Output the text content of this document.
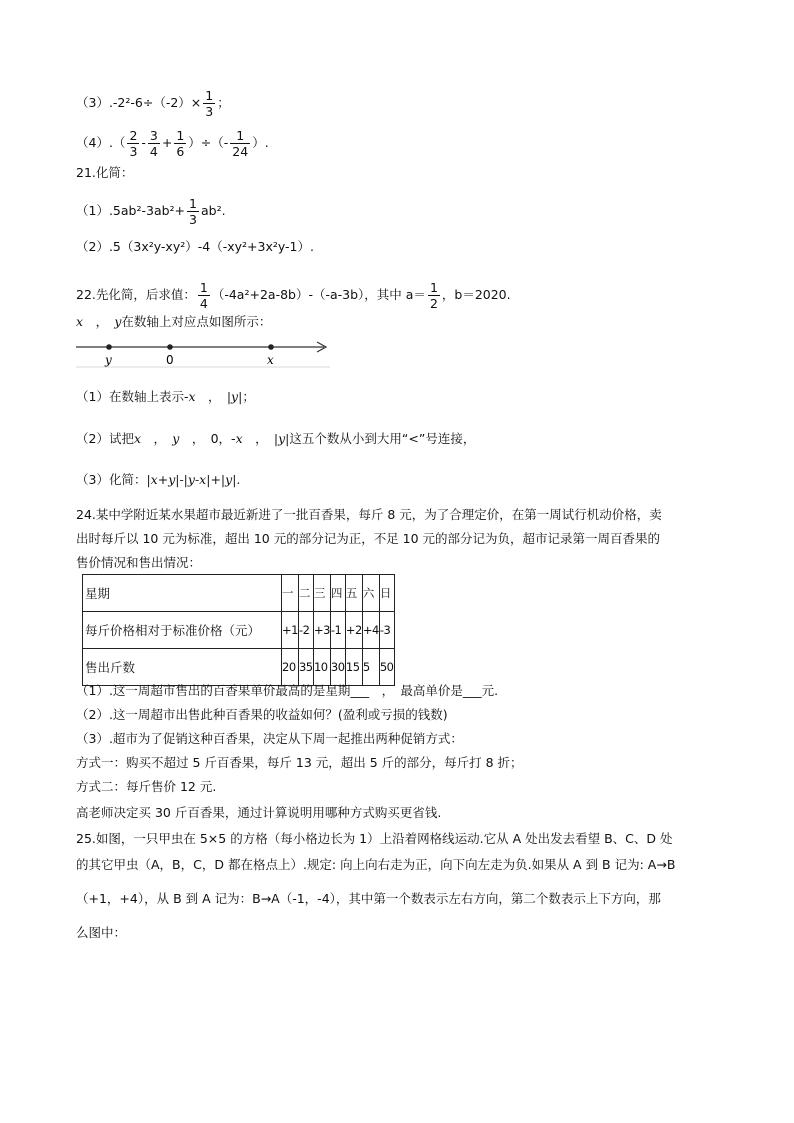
$(3).-2^2-6\div(-2)\times \frac{1}{3}$ ；
$(4).( \frac{2}{3} - \frac{3}{4} + \frac{1}{6}$ ）÷（- $\frac{1}{24}$ ）.
21.化简：
$(1).5ab^2-3ab^2+ \frac{1}{3} ab^2$.
（2）.5（3x²y-xy²）-4（-xy²+3x²y-1）.
22.先化简，后求值： $\frac{1}{4} (-4a^2+2a-8b)-(-a-3b)$，其中 $a= \frac{1}{2}$ ，b＝2020.
x　 ，　 y在数轴上对应点如图所示：
y	0	x
（1）在数轴上表示-x　 ，　 |y|；
（2）试把x　，　y　，　0，-x　，　|y|这五个数从小到大用“<”号连接，
（3）化简：|x+y|-|y-x|+|y|.
24.某中学附近某水果超市最近新进了一批百香果，每斤 8 元，为了合理定价，在第一周试行机动价格，卖
出时每斤以 10 元为标准，超出 10 元的部分记为正，不足 10 元的部分记为负，超市记录第一周百香果的
售价情况和售出情况：
星期	一	二	三	四	五	六	日
每斤价格相对于标准价格（元）	+1	-2	+3	-1	+2	+4	-3
售出斤数	20	35	10	30	15	5	50
（1）.这一周超市售出的百香果单价最高的是星期___　，　最高单价是___元.
（2）.这一周超市出售此种百香果的收益如何？(盈利或亏损的钱数)
（3）.超市为了促销这种百香果，决定从下周一起推出两种促销方式：
方式一：购买不超过 5 斤百香果，每斤 13 元，超出 5 斤的部分，每斤打 8 折；
方式二：每斤售价 12 元.
高老师决定买 30 斤百香果，通过计算说明用哪种方式购买更省钱.
25.如图，一只甲虫在 5×5 的方格（每小格边长为 1）上沿着网格线运动.它从 A 处出发去看望 B、C、D 处
的其它甲虫（A，B，C，D 都在格点上）.规定: 向上向右走为正，向下向左走为负.如果从 A 到 B 记为: A→B
（+1，+4），从 B 到 A 记为：B→A（-1，-4），其中第一个数表示左右方向，第二个数表示上下方向，那
么图中：
